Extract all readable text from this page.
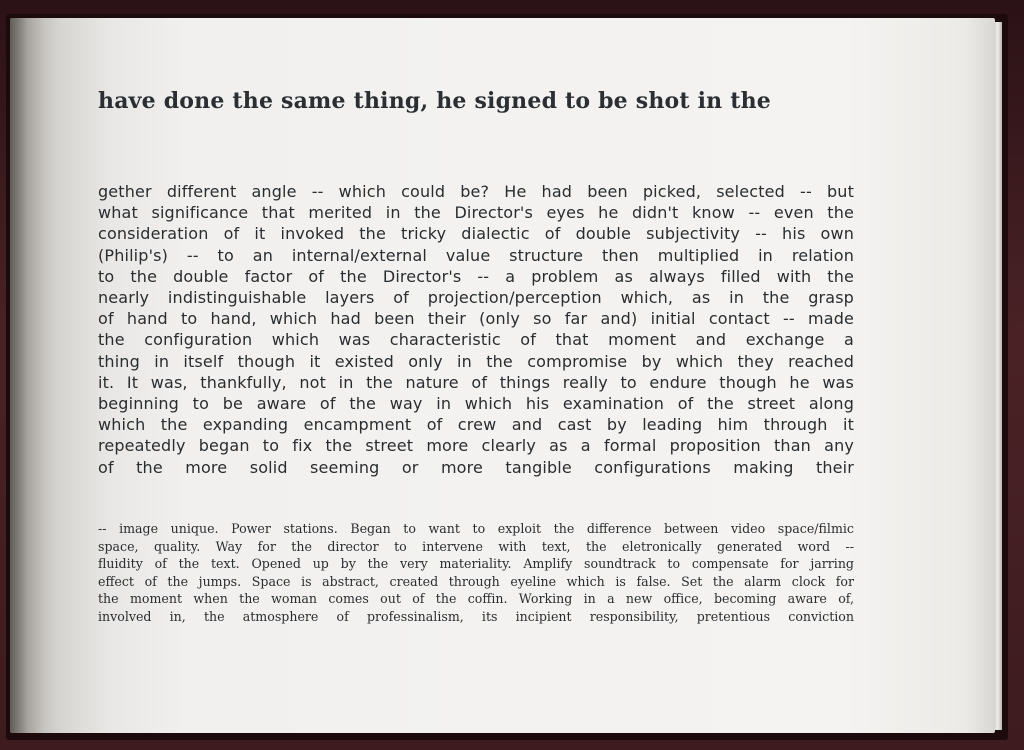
have done the same thing, he signed to be shot in the
gether different angle -- which could be? He had been picked, selected -- but
what significance that merited in the Director's eyes he didn't know -- even the
consideration of it invoked the tricky dialectic of double subjectivity -- his own
(Philip's) -- to an internal/external value structure then multiplied in relation
to the double factor of the Director's -- a problem as always filled with the
nearly indistinguishable layers of projection/perception which, as in the grasp
of hand to hand, which had been their (only so far and) initial contact -- made
the configuration which was characteristic of that moment and exchange a
thing in itself though it existed only in the compromise by which they reached
it. It was, thankfully, not in the nature of things really to endure though he was
beginning to be aware of the way in which his examination of the street along
which the expanding encampment of crew and cast by leading him through it
repeatedly began to fix the street more clearly as a formal proposition than any
of the more solid seeming or more tangible configurations making their
-- image unique. Power stations. Began to want to exploit the difference between video space/filmic
space, quality. Way for the director to intervene with text, the eletronically generated word --
fluidity of the text. Opened up by the very materiality. Amplify soundtrack to compensate for jarring
effect of the jumps. Space is abstract, created through eyeline which is false. Set the alarm clock for
the moment when the woman comes out of the coffin. Working in a new office, becoming aware of,
involved in, the atmosphere of professinalism, its incipient responsibility, pretentious conviction
